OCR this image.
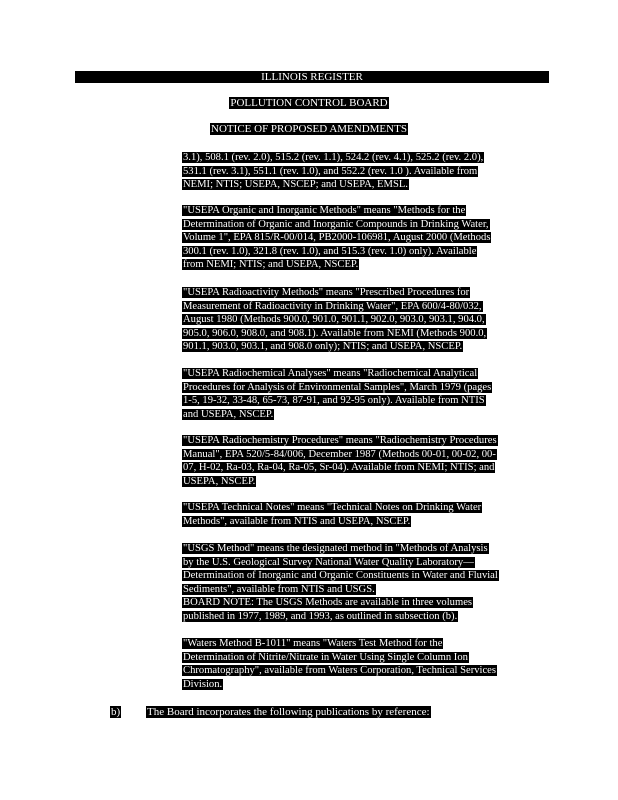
ILLINOIS REGISTER
POLLUTION CONTROL BOARD
NOTICE OF PROPOSED AMENDMENTS
3.1), 508.1 (rev. 2.0), 515.2 (rev. 1.1), 524.2 (rev. 4.1), 525.2 (rev. 2.0),
531.1 (rev. 3.1), 551.1 (rev. 1.0), and 552.2 (rev. 1.0 ). Available from
NEMI; NTIS; USEPA, NSCEP; and USEPA, EMSL.
"USEPA Organic and Inorganic Methods" means "Methods for the
Determination of Organic and Inorganic Compounds in Drinking Water,
Volume 1", EPA 815/R-00/014, PB2000-106981, August 2000 (Methods
300.1 (rev. 1.0), 321.8 (rev. 1.0), and 515.3 (rev. 1.0) only). Available
from NEMI; NTIS; and USEPA, NSCEP.
"USEPA Radioactivity Methods" means "Prescribed Procedures for
Measurement of Radioactivity in Drinking Water", EPA 600/4-80/032,
August 1980 (Methods 900.0, 901.0, 901.1, 902.0, 903.0, 903.1, 904.0,
905.0, 906.0, 908.0, and 908.1). Available from NEMI (Methods 900.0,
901.1, 903.0, 903.1, and 908.0 only); NTIS; and USEPA, NSCEP.
"USEPA Radiochemical Analyses" means "Radiochemical Analytical
Procedures for Analysis of Environmental Samples", March 1979 (pages
1-5, 19-32, 33-48, 65-73, 87-91, and 92-95 only). Available from NTIS
and USEPA, NSCEP.
"USEPA Radiochemistry Procedures" means "Radiochemistry Procedures
Manual", EPA 520/5-84/006, December 1987 (Methods 00-01, 00-02, 00-
07, H-02, Ra-03, Ra-04, Ra-05, Sr-04). Available from NEMI; NTIS; and
USEPA, NSCEP.
"USEPA Technical Notes" means "Technical Notes on Drinking Water
Methods", available from NTIS and USEPA, NSCEP.
"USGS Method" means the designated method in "Methods of Analysis
by the U.S. Geological Survey National Water Quality Laboratory—
Determination of Inorganic and Organic Constituents in Water and Fluvial
Sediments", available from NTIS and USGS.
BOARD NOTE: The USGS Methods are available in three volumes
published in 1977, 1989, and 1993, as outlined in subsection (b).
"Waters Method B-1011" means "Waters Test Method for the
Determination of Nitrite/Nitrate in Water Using Single Column Ion
Chromatography", available from Waters Corporation, Technical Services
Division.
b) The Board incorporates the following publications by reference:
